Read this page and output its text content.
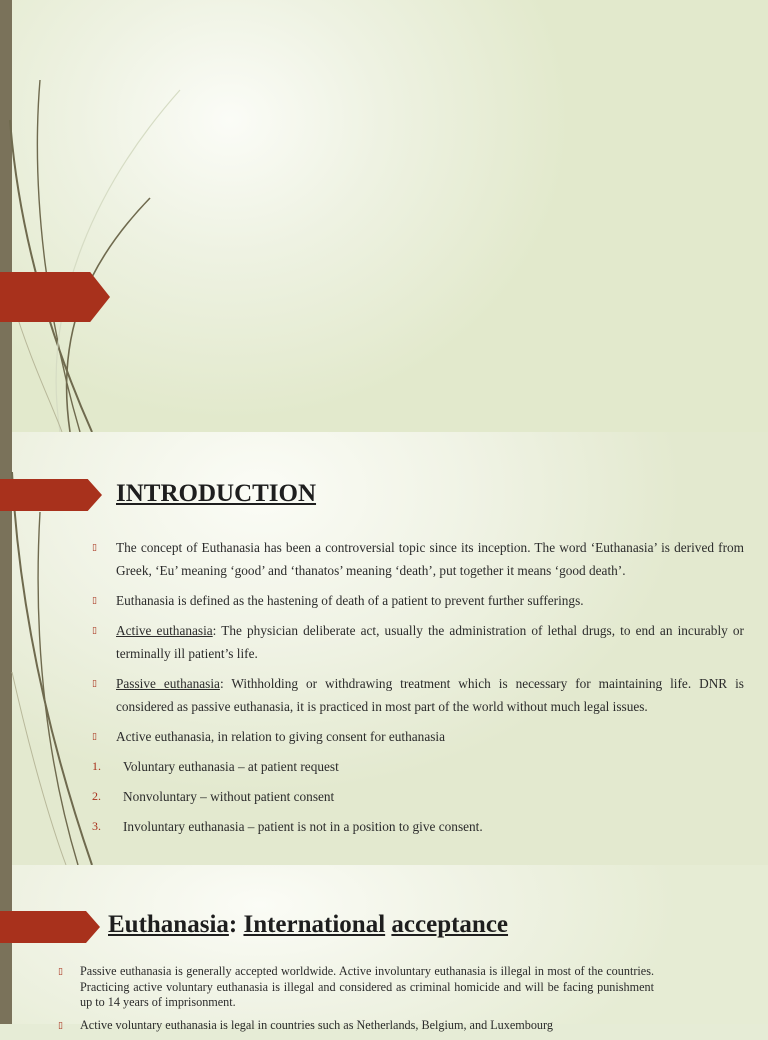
INTRODUCTION
▯ The concept of Euthanasia has been a controversial topic since its inception. The word ‘Euthanasia’ is derived from Greek, ‘Eu’ meaning ‘good’ and ‘thanatos’ meaning ‘death’, put together it means ‘good death’.
▯ Euthanasia is defined as the hastening of death of a patient to prevent further sufferings.
▯ Active euthanasia: The physician deliberate act, usually the administration of lethal drugs, to end an incurably or terminally ill patient’s life.
▯ Passive euthanasia: Withholding or withdrawing treatment which is necessary for maintaining life. DNR is considered as passive euthanasia, it is practiced in most part of the world without much legal issues.
▯ Active euthanasia, in relation to giving consent for euthanasia
1. Voluntary euthanasia – at patient request
2. Nonvoluntary – without patient consent
3. Involuntary euthanasia – patient is not in a position to give consent.
Euthanasia: International acceptance
▯ Passive euthanasia is generally accepted worldwide. Active involuntary euthanasia is illegal in most of the countries. Practicing active voluntary euthanasia is illegal and considered as criminal homicide and will be facing punishment up to 14 years of imprisonment.
▯ Active voluntary euthanasia is legal in countries such as Netherlands, Belgium, and Luxembourg
